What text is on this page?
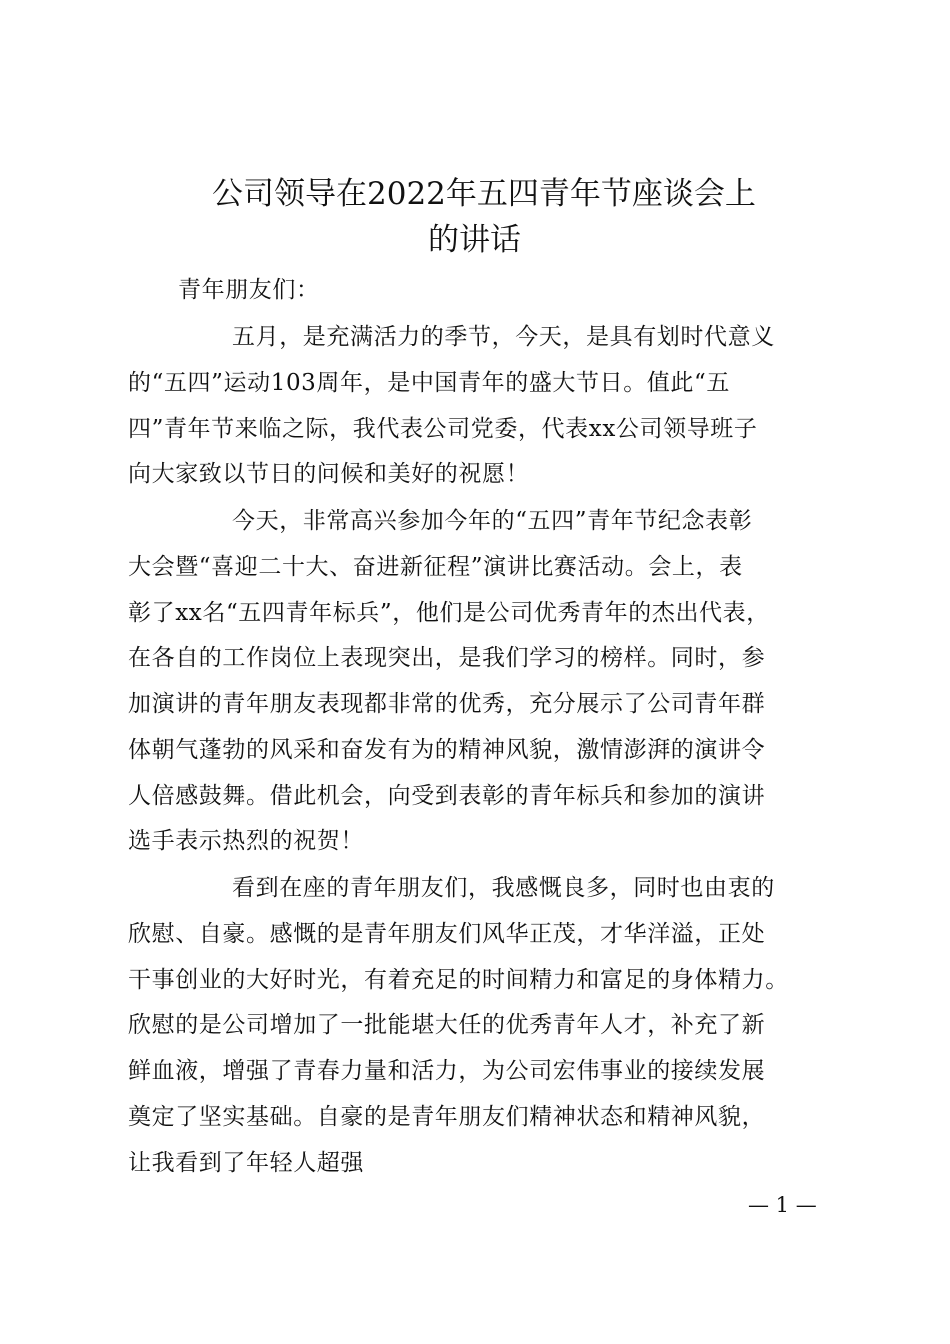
公司领导在2022年五四青年节座谈会上
的讲话
青年朋友们：
五月，是充满活力的季节，今天，是具有划时代意义
的“五四”运动103周年，是中国青年的盛大节日。值此“五
四”青年节来临之际，我代表公司党委，代表xx公司领导班子
向大家致以节日的问候和美好的祝愿！
今天，非常高兴参加今年的“五四”青年节纪念表彰
大会暨“喜迎二十大、奋进新征程”演讲比赛活动。会上，表
彰了xx名“五四青年标兵”，他们是公司优秀青年的杰出代表，
在各自的工作岗位上表现突出，是我们学习的榜样。同时，参
加演讲的青年朋友表现都非常的优秀，充分展示了公司青年群
体朝气蓬勃的风采和奋发有为的精神风貌，激情澎湃的演讲令
人倍感鼓舞。借此机会，向受到表彰的青年标兵和参加的演讲
选手表示热烈的祝贺！
看到在座的青年朋友们，我感慨良多，同时也由衷的
欣慰、自豪。感慨的是青年朋友们风华正茂，才华洋溢，正处
干事创业的大好时光，有着充足的时间精力和富足的身体精力。
欣慰的是公司增加了一批能堪大任的优秀青年人才，补充了新
鲜血液，增强了青春力量和活力，为公司宏伟事业的接续发展
奠定了坚实基础。自豪的是青年朋友们精神状态和精神风貌，
让我看到了年轻人超强
— 1 —
